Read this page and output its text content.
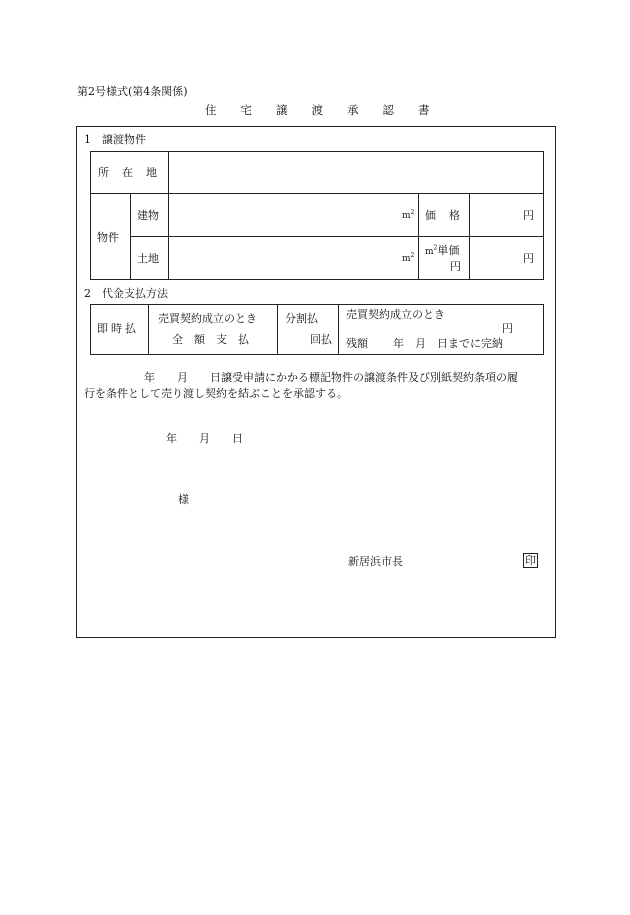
第2号様式(第4条関係)
住宅譲渡承認書
1　譲渡物件
所在地
物件
建物
土地
$m^2$
$m^2$
価格	円
$m^2$単価
円
円
2　代金支払方法
即時払
売買契約成立のとき
全額支払
分割払
回払
売買契約成立のとき
円
残額 年　月　日までに完納
年　　月　　日譲受申請にかかる標記物件の譲渡条件及び別紙契約条項の履
行を条件として売り渡し契約を結ぶことを承認する。
年　　月　　日
様
新居浜市長	印
